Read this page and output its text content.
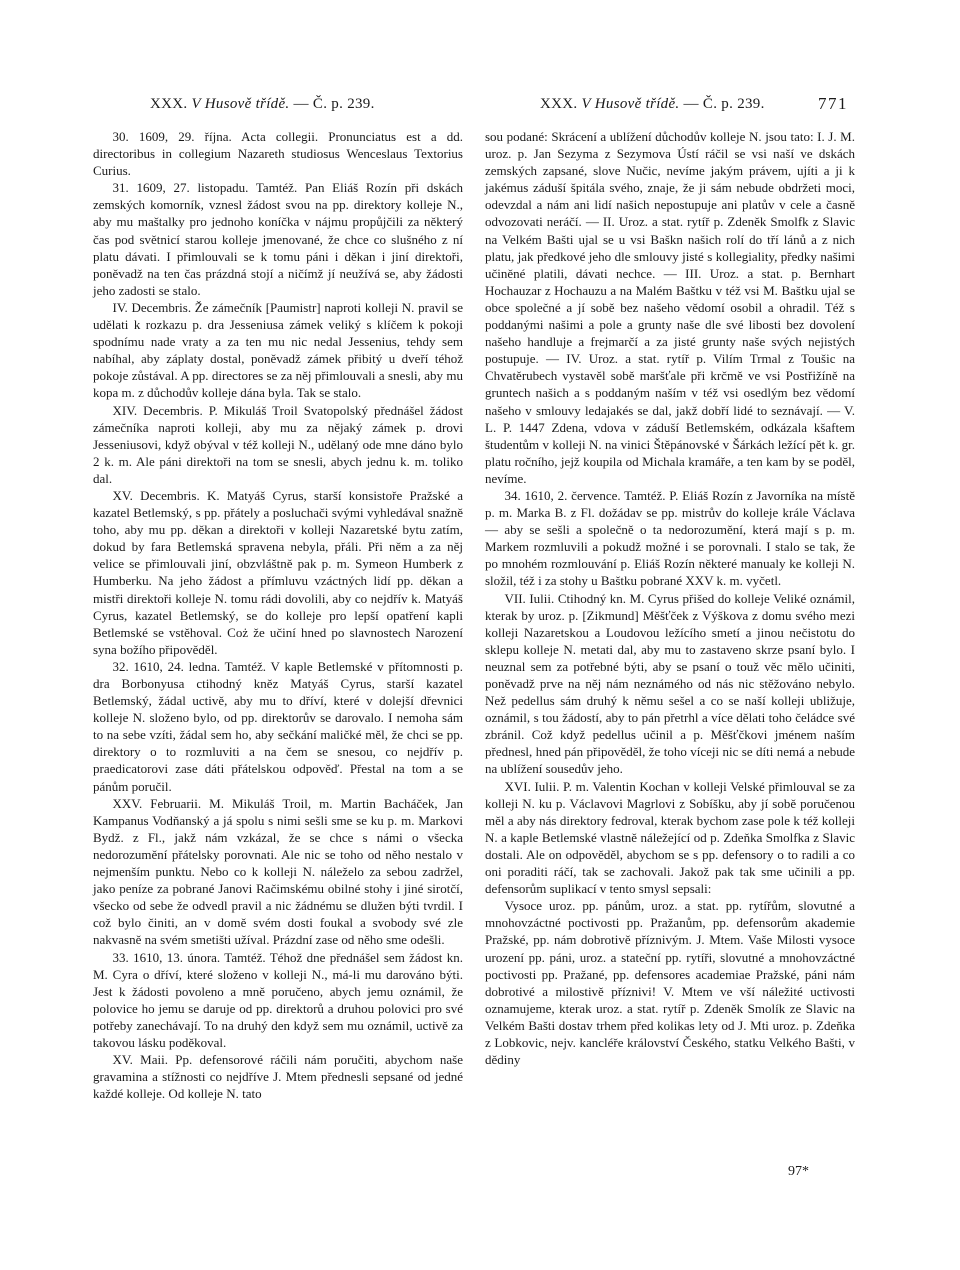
XXX. V Husově třídě. — Č. p. 239.	XXX. V Husově třídě. — Č. p. 239.	771

30. 1609, 29. října. Acta collegii. Pronunciatus est a dd. directoribus in collegium Nazareth studiosus Wenceslaus Textorius Curius.

31. 1609, 27. listopadu. Tamtéž. Pan Eliáš Rozín při dskách zemských komorník, vznesl žádost svou na pp. direktory kolleje N., aby mu maštalky pro jednoho koníčka v nájmu propůjčili za některý čas pod světnicí starou kolleje jmenované, že chce co slušného z ní platu dávati. I přimlouvali se k tomu páni i děkan i jiní direktoři, poněvadž na ten čas prázdná stojí a ničímž jí neužívá se, aby žádosti jeho zadosti se stalo.

IV. Decembris. Že zámečník [Paumistr] naproti kolleji N. pravil se udělati k rozkazu p. dra Jesseniusa zámek veliký s klíčem k pokoji spodnímu nade vraty a za ten mu nic nedal Jessenius, tehdy sem nabíhal, aby záplaty dostal, poněvadž zámek přibitý u dveří téhož pokoje zůstával. A pp. directores se za něj přimlouvali a snesli, aby mu kopa m. z důchodův kolleje dána byla. Tak se stalo.

XIV. Decembris. P. Mikuláš Troil Svatopolský přednášel žádost zámečníka naproti kolleji, aby mu za nějaký zámek p. drovi Jesseniusovi, když obýval v též kolleji N., udělaný ode mne dáno bylo 2 k. m. Ale páni direktoři na tom se snesli, abych jednu k. m. toliko dal.

XV. Decembris. K. Matyáš Cyrus, starší konsistoře Pražské a kazatel Betlemský, s pp. přátely a posluchači svými vyhledával snažně toho, aby mu pp. děkan a direktoři v kolleji Nazaretské bytu zatím, dokud by fara Betlemská spravena nebyla, přáli. Při něm a za něj velice se přimlouvali jiní, obzvláštně pak p. m. Symeon Humberk z Humberku. Na jeho žádost a přímluvu vzáctných lidí pp. děkan a mistři direktoři kolleje N. tomu rádi dovolili, aby co nejdřív k. Matyáš Cyrus, kazatel Betlemský, se do kolleje pro lepší opatření kapli Betlemské se vstěhoval. Coż že učiní hned po slavnostech Narození syna božího připověděl.

32. 1610, 24. ledna. Tamtéž. V kaple Betlemské v přítomnosti p. dra Borbonyusa ctihodný kněz Matyáš Cyrus, starší kazatel Betlemský, žádal uctivě, aby mu to dříví, které v dolejší dřevnici kolleje N. složeno bylo, od pp. direktorův se darovalo. I nemoha sám to na sebe vzíti, žádal sem ho, aby sečkání maličké měl, že chci se pp. direktory o to rozmluviti a na čem se snesou, co nejdřív p. praedicatorovi zase dáti přátelskou odpověď. Přestal na tom a se pánům poručil.

XXV. Februarii. M. Mikuláš Troil, m. Martin Bacháček, Jan Kampanus Vodňanský a já spolu s nimi sešli sme se ku p. m. Markovi Bydž. z Fl., jakž nám vzkázal, že se chce s námi o všecka nedorozumění přátelsky porovnati. Ale nic se toho od něho nestalo v nejmenším punktu. Nebo co k kolleji N. náleželo za sebou zadržel, jako peníze za pobrané Janovi Račimskému obilné stohy i jiné sirotčí, všecko od sebe že odvedl pravil a nic žádnému se dlužen býti tvrdil. I což bylo činiti, an v domě svém dosti foukal a svobody své zle nakvasně na svém smetišti užíval. Prázdní zase od něho sme odešli.

33. 1610, 13. února. Tamtéž. Téhož dne přednášel sem žádost kn. M. Cyra o dříví, které složeno v kolleji N., má-li mu darováno býti. Jest k žádosti povoleno a mně poručeno, abych jemu oznámil, že polovice ho jemu se daruje od pp. direktorů a druhou polovici pro své potřeby zanechávají. To na druhý den když sem mu oznámil, uctivě za takovou lásku poděkoval.

XV. Maii. Pp. defensorové ráčili nám poručiti, abychom naše gravamina a stížnosti co nejdříve J. Mtem přednesli sepsané od jedné každé kolleje. Od kolleje N. tato

sou podané: Skrácení a ublížení důchodův kolleje N. jsou tato: I. J. M. uroz. p. Jan Sezyma z Sezymova Ústí ráčil se vsi naší ve dskách zemských zapsané, slove Nučic, nevíme jakým právem, ujíti a ji k jakémus záduší špitála svého, znaje, že ji sám nebude obdržeti moci, odevzdal a nám ani lidí našich nepostupuje ani platův v cele a časně odvozovati neráčí. — II. Uroz. a stat. rytíř p. Zdeněk Smolfk z Slavic na Velkém Bašti ujal se u vsi Baškn našich rolí do tří lánů a z nich platu, jak předkové jeho dle smlouvy jisté s kollegiality, předky našimi učiněné platili, dávati nechce. — III. Uroz. a stat. p. Bernhart Hochauzar z Hochauzu a na Malém Baštku v též vsi M. Baštku ujal se obce společné a jí sobě bez našeho vědomí osobil a ohradil. Též s poddanými našimi a pole a grunty naše dle své libosti bez dovolení našeho handluje a frejmarčí a za jisté grunty naše svých nejistých postupuje. — IV. Uroz. a stat. rytíř p. Vilím Trmal z Toušic na Chvatěrubech vystavěl sobě maršťale při krčmě ve vsi Postřižíně na gruntech našich a s poddaným naším v též vsi osedlým bez vědomí našeho v smlouvy ledajakés se dal, jakž dobří lidé to seznávají. — V. L. P. 1447 Zdena, vdova v záduší Betlemském, odkázala kšaftem študentům v kolleji N. na vinici Štěpánovské v Šárkách ležící pět k. gr. platu ročního, jejž koupila od Michala kramáře, a ten kam by se poděl, nevíme.

34. 1610, 2. července. Tamtéž. P. Eliáš Rozín z Javorníka na místě p. m. Marka B. z Fl. dožádav se pp. mistrův do kolleje krále Václava — aby se sešli a společně o ta nedorozumění, která mají s p. m. Markem rozmluvili a pokudž možné i se porovnali. I stalo se tak, že po mnohém rozmlouvání p. Eliáš Rozín některé manualy ke kolleji N. složil, též i za stohy u Baštku pobrané XXV k. m. vyčetl.

VII. Iulii. Ctihodný kn. M. Cyrus přišed do kolleje Veliké oznámil, kterak by uroz. p. [Zikmund] Měšťček z Výškova z domu svého mezi kolleji Nazaretskou a Loudovou ležícího smetí a jinou nečistotu do sklepu kolleje N. metati dal, aby mu to zastaveno skrze psaní bylo. I neuznal sem za potřebné býti, aby se psaní o touž věc mělo učiniti, poněvadž prve na něj nám neznámého od nás nic stěžováno nebylo. Než pedellus sám druhý k němu sešel a co se naší kolleji ubližuje, oznámil, s tou žádostí, aby to pán přetrhl a více dělati toho čeládce své zbránil. Což když pedellus učinil a p. Měšťčkovi jménem naším přednesl, hned pán připověděl, že toho víceji nic se díti nemá a nebude na ublížení sousedův jeho.

XVI. Iulii. P. m. Valentin Kochan v kolleji Velské přimlouval se za kolleji N. ku p. Václavovi Magrlovi z Sobíšku, aby jí sobě poručenou měl a aby nás direktory fedroval, kterak bychom zase pole k též kolleji N. a kaple Betlemské vlastně náležející od p. Zdeňka Smolfka z Slavic dostali. Ale on odpověděl, abychom se s pp. defensory o to radili a co oni poraditi ráčí, tak se zachovali. Jakož pak tak sme učinili a pp. defensorům suplikací v tento smysl sepsali:

Vysoce uroz. pp. pánům, uroz. a stat. pp. rytířům, slovutné a mnohovzáctné poctivosti pp. Pražanům, pp. defensorům akademie Pražské, pp. nám dobrotivě příznivým. J. Mtem. Vaše Milosti vysoce urození pp. páni, uroz. a stateční pp. rytíři, slovutné a mnohovzáctné poctivosti pp. Pražané, pp. defensores academiae Pražské, páni nám dobrotivé a milostivě příznivi! V. Mtem ve vší náležité uctivosti oznamujeme, kterak uroz. a stat. rytíř p. Zdeněk Smolík ze Slavic na Velkém Bašti dostav trhem před kolikas lety od J. Mti uroz. p. Zdeňka z Lobkovic, nejv. kancléře království Českého, statku Velkého Bašti, v dědiny

97*
